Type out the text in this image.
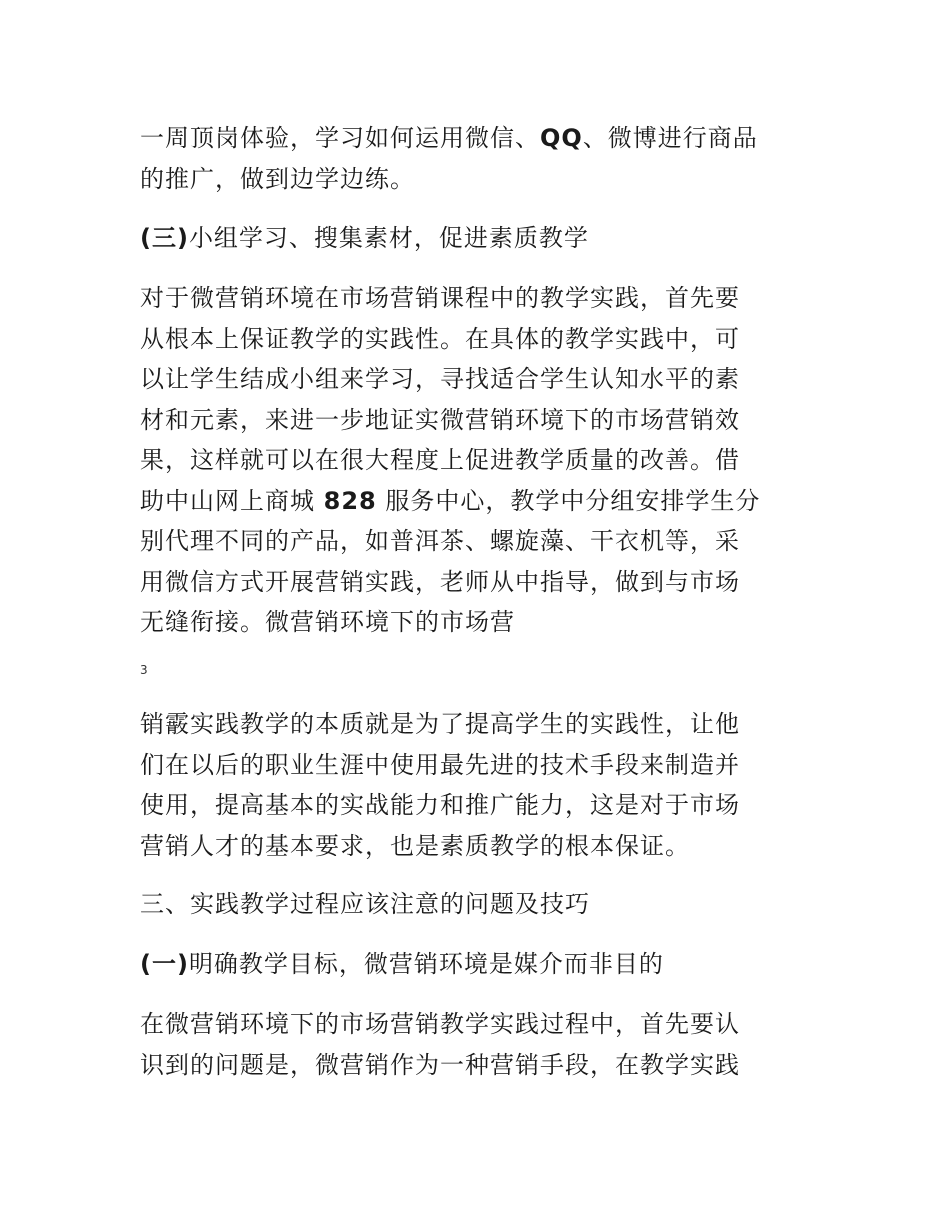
一周顶岗体验，学习如何运用微信、QQ、微博进行商品
的推广，做到边学边练。

(三)小组学习、搜集素材，促进素质教学

对于微营销环境在市场营销课程中的教学实践，首先要
从根本上保证教学的实践性。在具体的教学实践中，可
以让学生结成小组来学习，寻找适合学生认知水平的素
材和元素，来进一步地证实微营销环境下的市场营销效
果，这样就可以在很大程度上促进教学质量的改善。借
助中山网上商城 828 服务中心，教学中分组安排学生分
别代理不同的产品，如普洱茶、螺旋藻、干衣机等，采
用微信方式开展营销实践，老师从中指导，做到与市场
无缝衔接。微营销环境下的市场营

3

销霰实践教学的本质就是为了提高学生的实践性，让他
们在以后的职业生涯中使用最先进的技术手段来制造并
使用，提高基本的实战能力和推广能力，这是对于市场
营销人才的基本要求，也是素质教学的根本保证。

三、实践教学过程应该注意的问题及技巧

(一)明确教学目标，微营销环境是媒介而非目的

在微营销环境下的市场营销教学实践过程中，首先要认
识到的问题是，微营销作为一种营销手段，在教学实践
